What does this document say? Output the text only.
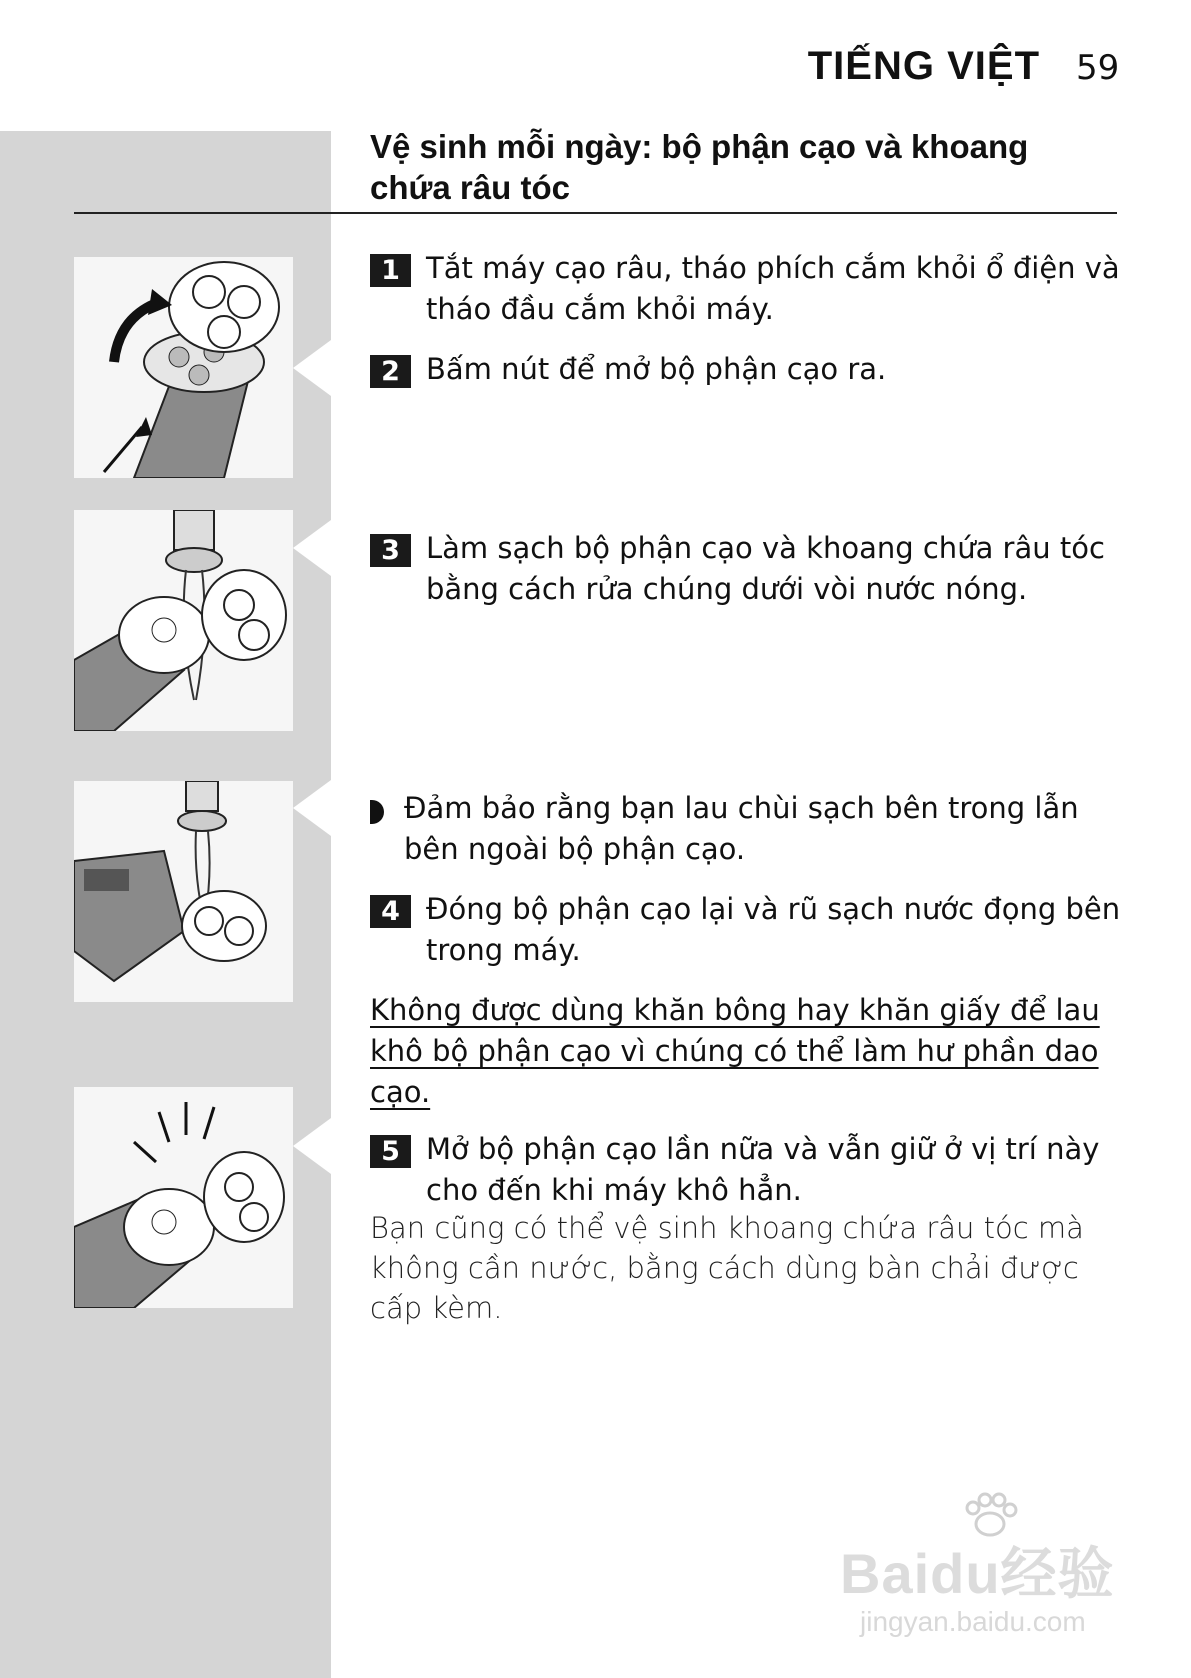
TIẾNG VIỆT 59
Vệ sinh mỗi ngày: bộ phận cạo và khoang chứa râu tóc
1 Tắt máy cạo râu, tháo phích cắm khỏi ổ điện và tháo đầu cắm khỏi máy.
2 Bấm nút để mở bộ phận cạo ra.
3 Làm sạch bộ phận cạo và khoang chứa râu tóc bằng cách rửa chúng dưới vòi nước nóng.
Đảm bảo rằng bạn lau chùi sạch bên trong lẫn bên ngoài bộ phận cạo.
4 Đóng bộ phận cạo lại và rũ sạch nước đọng bên trong máy.
Không được dùng khăn bông hay khăn giấy để lau khô bộ phận cạo vì chúng có thể làm hư phần dao cạo.
5 Mở bộ phận cạo lần nữa và vẫn giữ ở vị trí này cho đến khi máy khô hẳn.
Bạn cũng có thể vệ sinh khoang chứa râu tóc mà không cần nước, bằng cách dùng bàn chải được cấp kèm.
Baidu经验
jingyan.baidu.com
